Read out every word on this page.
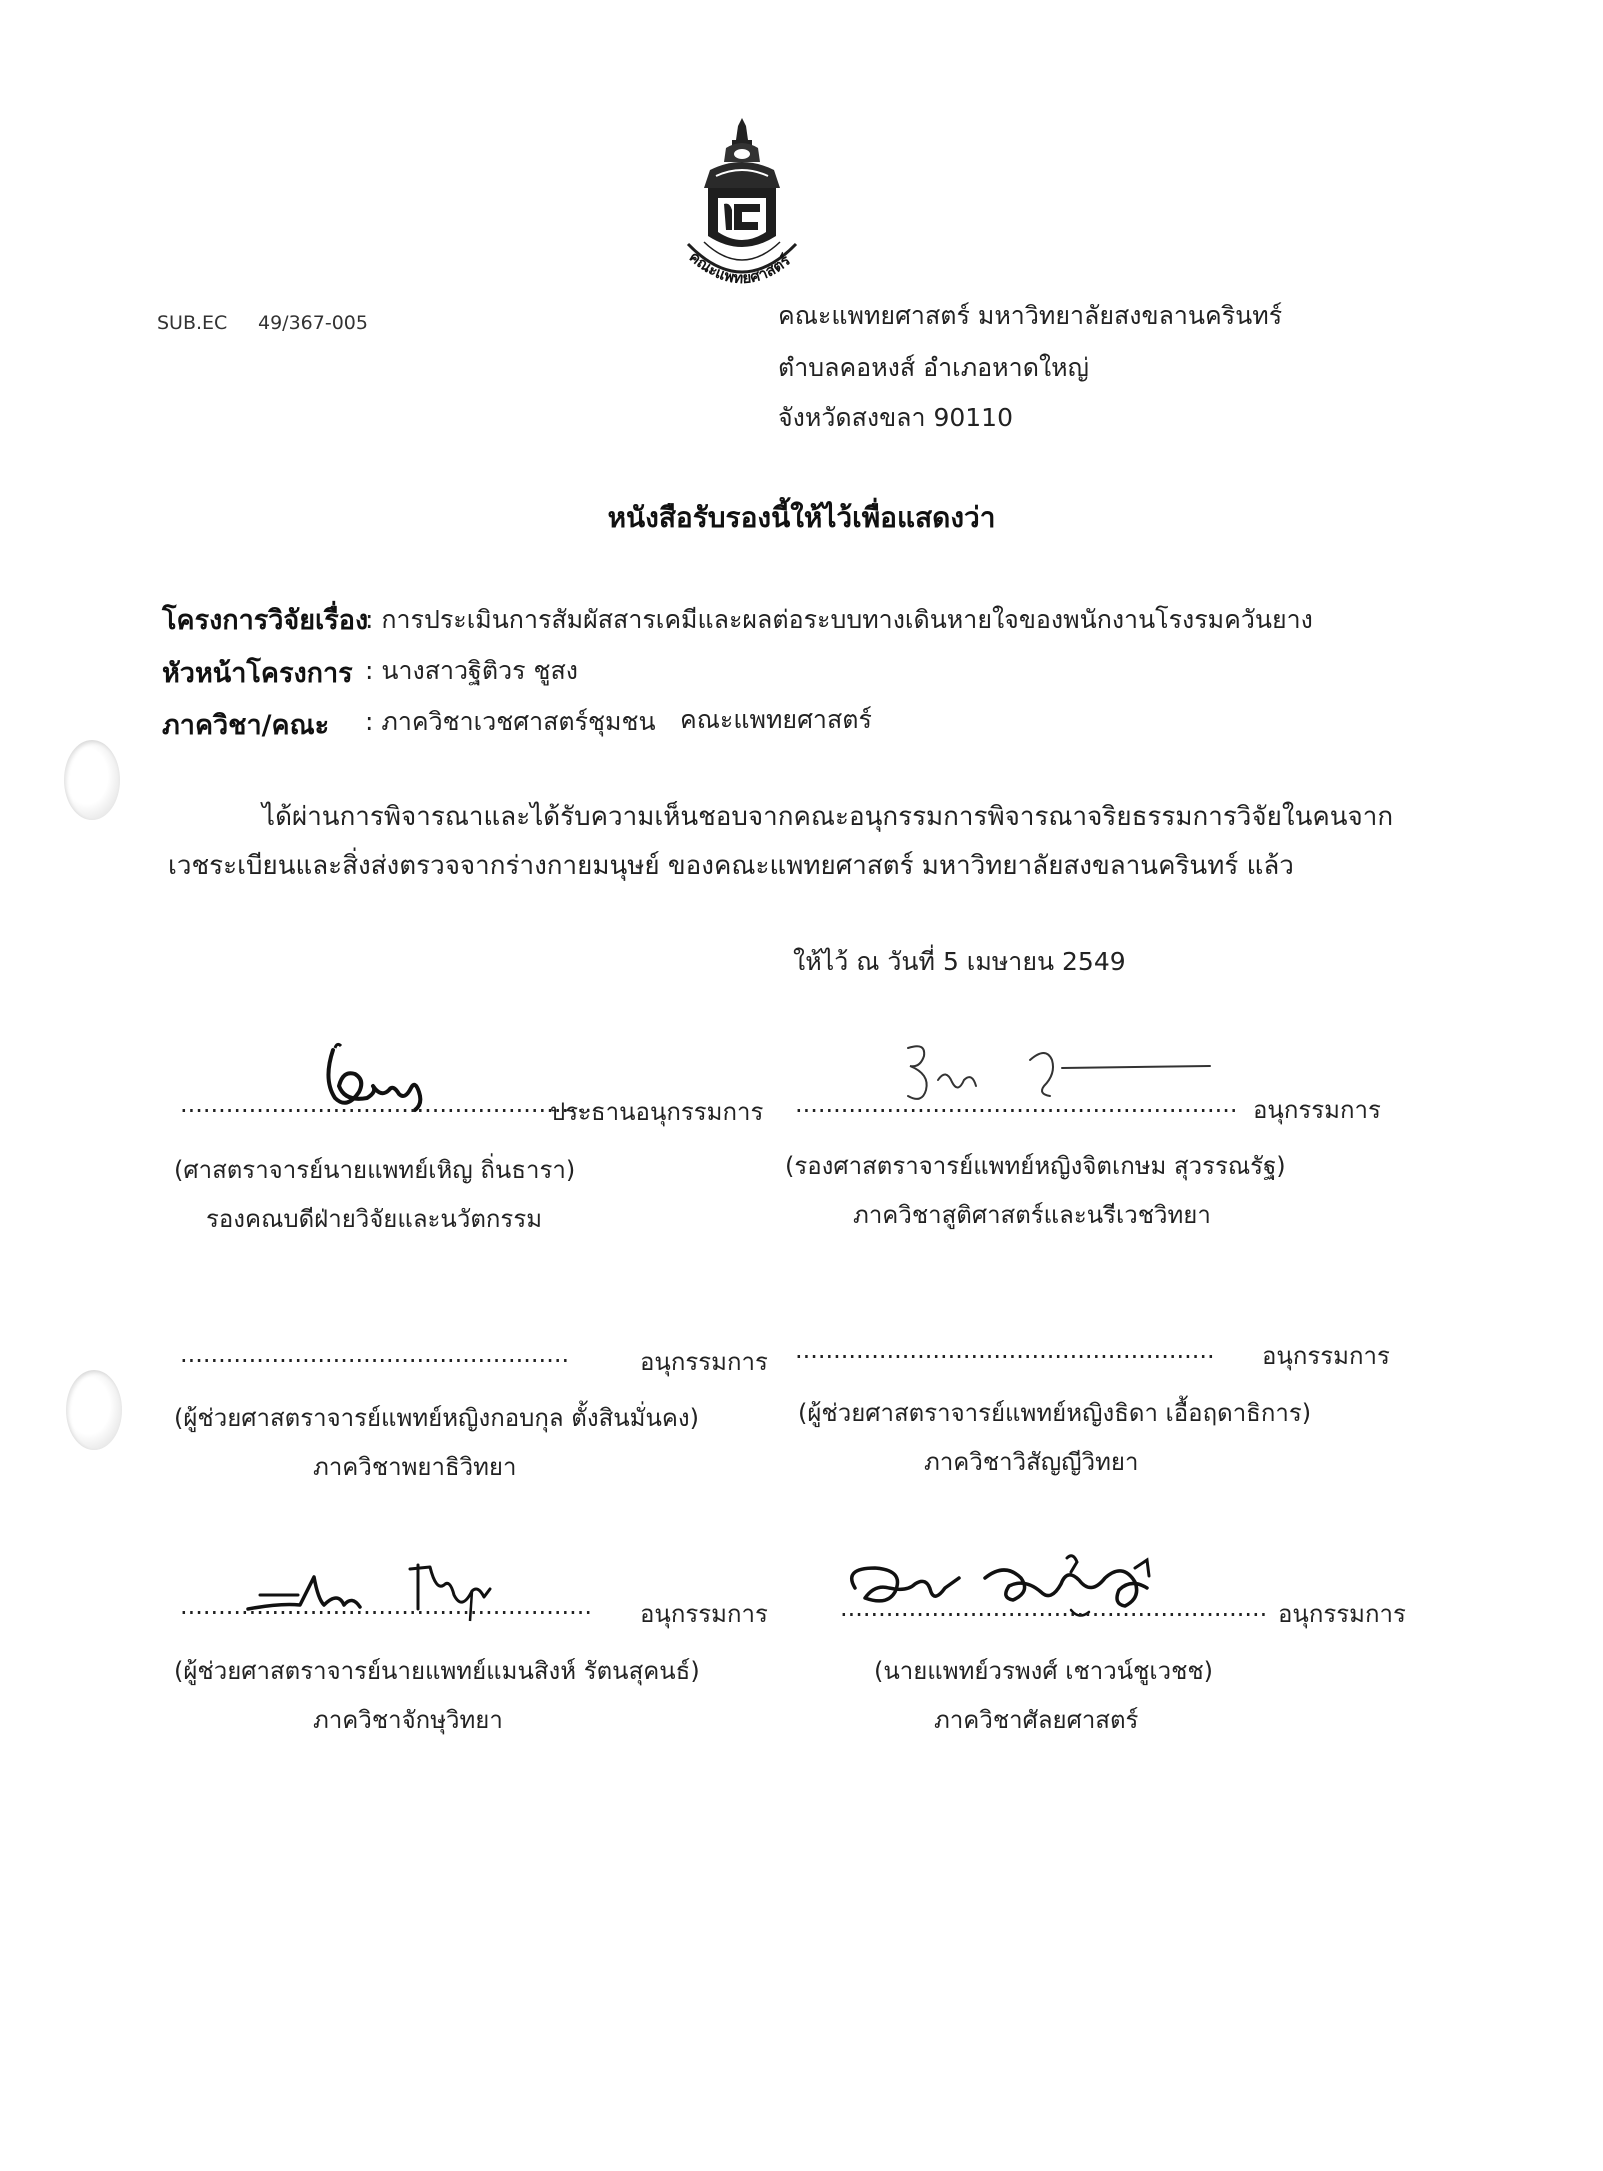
คณะแพทยศาสตร์
SUB.EC 49/367-005	คณะแพทยศาสตร์ มหาวิทยาลัยสงขลานครินทร์
ตำบลคอหงส์ อำเภอหาดใหญ่
จังหวัดสงขลา 90110
หนังสือรับรองนี้ให้ไว้เพื่อแสดงว่า
โครงการวิจัยเรื่อง
: การประเมินการสัมผัสสารเคมีและผลต่อระบบทางเดินหายใจของพนักงานโรงรมควันยาง
หัวหน้าโครงการ : นางสาวฐิติวร ชูสง
ภาควิชา/คณะ : ภาควิชาเวชศาสตร์ชุมชน คณะแพทยศาสตร์
ได้ผ่านการพิจารณาและได้รับความเห็นชอบจากคณะอนุกรรมการพิจารณาจริยธรรมการวิจัยในคนจาก
เวชระเบียนและสิ่งส่งตรวจจากร่างกายมนุษย์ ของคณะแพทยศาสตร์ มหาวิทยาลัยสงขลานครินทร์ แล้ว
ให้ไว้ ณ วันที่ 5 เมษายน 2549
......................................................
ประธานอนุกรรมการ
(ศาสตราจารย์นายแพทย์เหิญ ถิ่นธารา)
รองคณบดีฝ่ายวิจัยและนวัตกรรม
.......................................................... อนุกรรมการ
(รองศาสตราจารย์แพทย์หญิงจิตเกษม สุวรรณรัฐ)
ภาควิชาสูติศาสตร์และนรีเวชวิทยา
...................................................	อนุกรรมการ
(ผู้ช่วยศาสตราจารย์แพทย์หญิงกอบกุล ตั้งสินมั่นคง)
ภาควิชาพยาธิวิทยา
....................................................... อนุกรรมการ
(ผู้ช่วยศาสตราจารย์แพทย์หญิงธิดา เอื้อฤดาธิการ)
ภาควิชาวิสัญญีวิทยา
...................................................... อนุกรรมการ
(ผู้ช่วยศาสตราจารย์นายแพทย์แมนสิงห์ รัตนสุคนธ์)
ภาควิชาจักษุวิทยา
........................................................ อนุกรรมการ
(นายแพทย์วรพงศ์ เชาวน์ชูเวชช)
ภาควิชาศัลยศาสตร์
